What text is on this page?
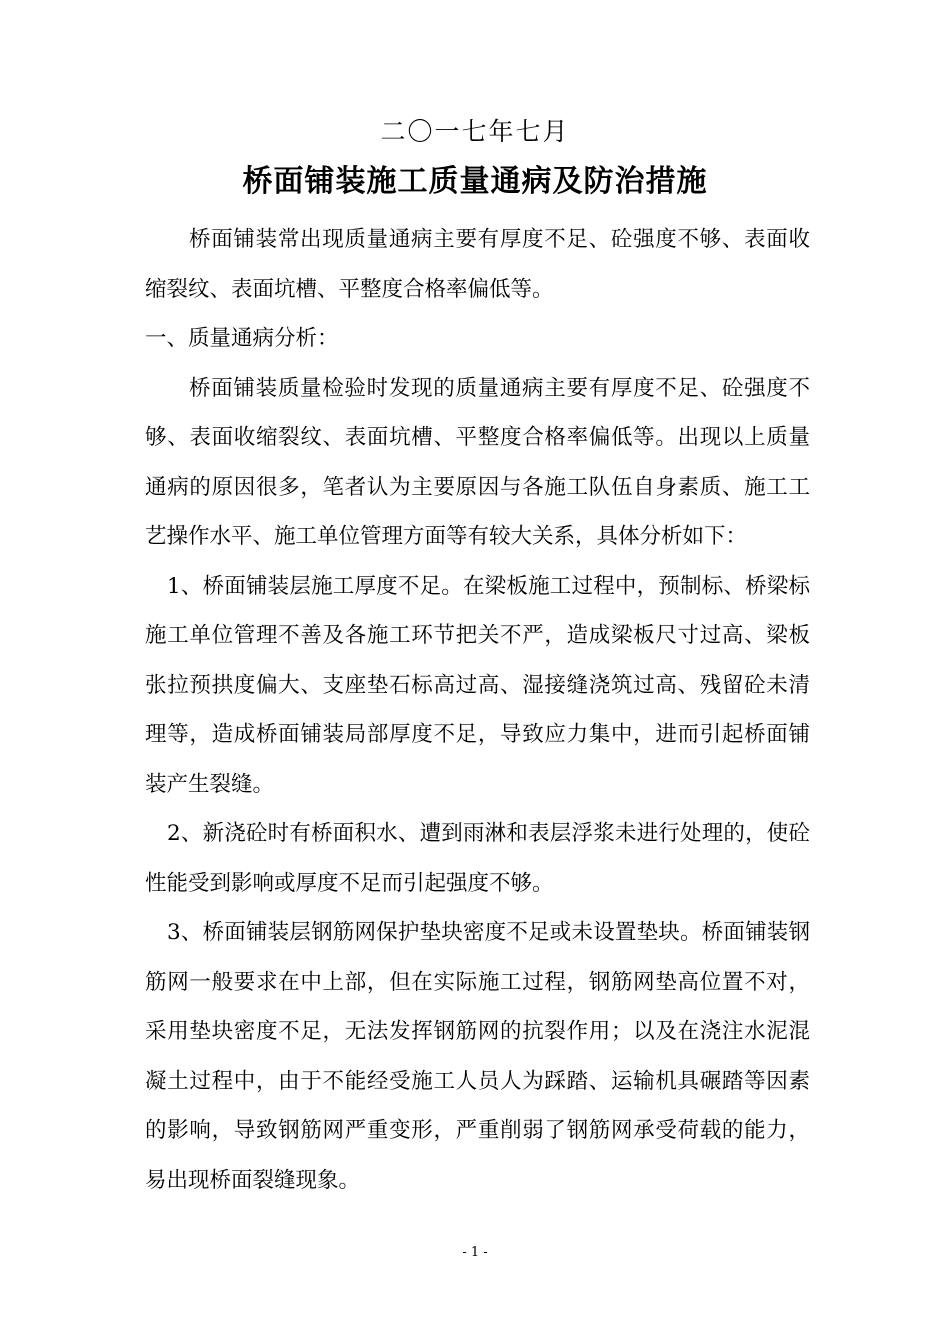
二〇一七年七月
桥面铺装施工质量通病及防治措施

桥面铺装常出现质量通病主要有厚度不足、砼强度不够、表面收缩裂纹、表面坑槽、平整度合格率偏低等。

一、质量通病分析：

桥面铺装质量检验时发现的质量通病主要有厚度不足、砼强度不够、表面收缩裂纹、表面坑槽、平整度合格率偏低等。出现以上质量通病的原因很多，笔者认为主要原因与各施工队伍自身素质、施工工艺操作水平、施工单位管理方面等有较大关系，具体分析如下：

1、桥面铺装层施工厚度不足。在梁板施工过程中，预制标、桥梁标施工单位管理不善及各施工环节把关不严，造成梁板尺寸过高、梁板张拉预拱度偏大、支座垫石标高过高、湿接缝浇筑过高、残留砼未清理等，造成桥面铺装局部厚度不足，导致应力集中，进而引起桥面铺装产生裂缝。

2、新浇砼时有桥面积水、遭到雨淋和表层浮浆未进行处理的，使砼性能受到影响或厚度不足而引起强度不够。

3、桥面铺装层钢筋网保护垫块密度不足或未设置垫块。桥面铺装钢筋网一般要求在中上部，但在实际施工过程，钢筋网垫高位置不对，采用垫块密度不足，无法发挥钢筋网的抗裂作用；以及在浇注水泥混凝土过程中，由于不能经受施工人员人为踩踏、运输机具碾踏等因素的影响，导致钢筋网严重变形，严重削弱了钢筋网承受荷载的能力，易出现桥面裂缝现象。

- 1 -
